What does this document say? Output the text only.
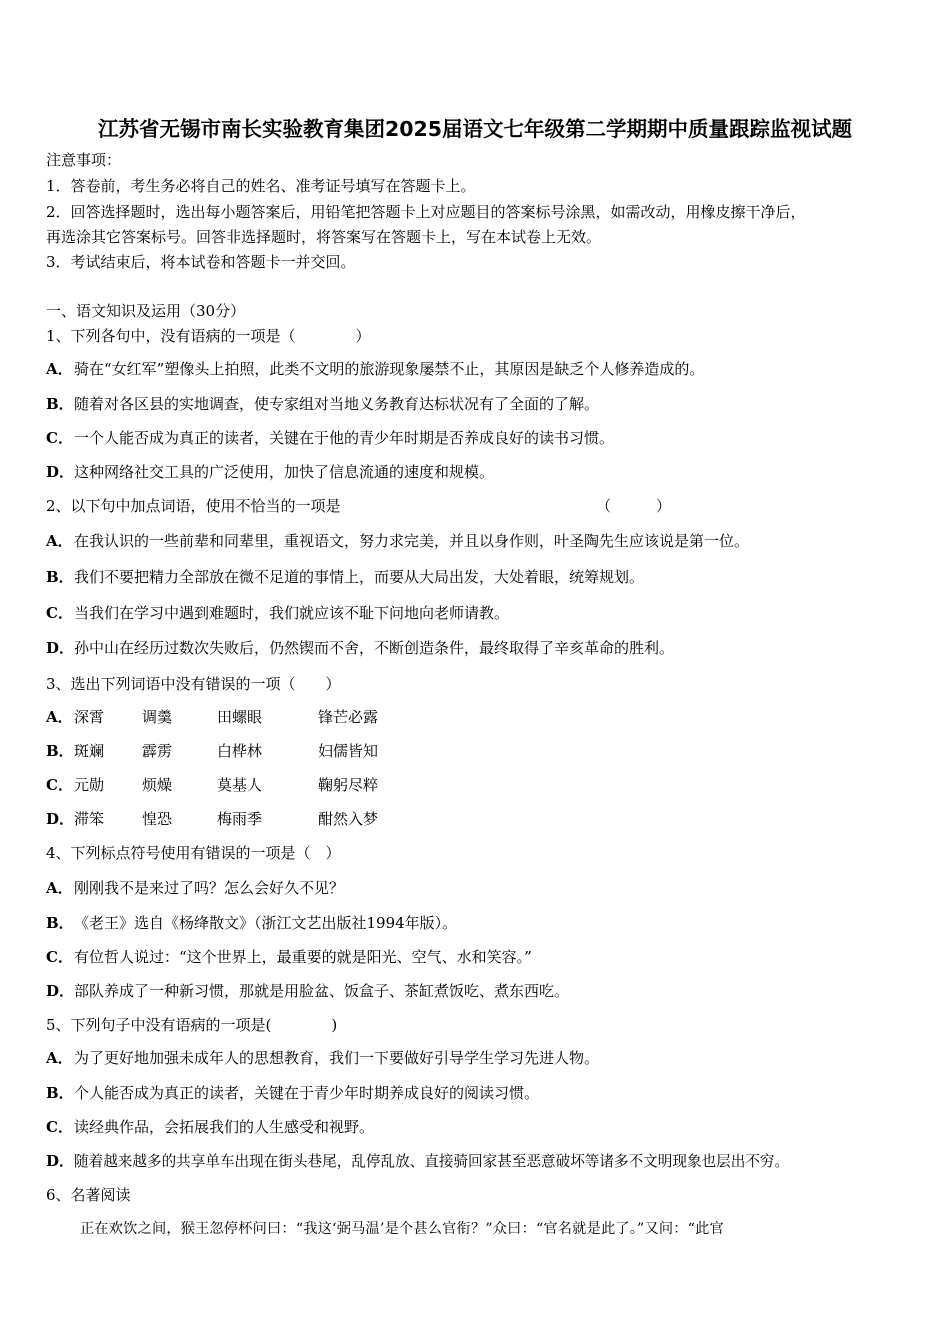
江苏省无锡市南长实验教育集团2025届语文七年级第二学期期中质量跟踪监视试题
注意事项：
1．答卷前，考生务必将自己的姓名、准考证号填写在答题卡上。
2．回答选择题时，选出每小题答案后，用铅笔把答题卡上对应题目的答案标号涂黑，如需改动，用橡皮擦干净后，
再选涂其它答案标号。回答非选择题时，将答案写在答题卡上，写在本试卷上无效。
3．考试结束后，将本试卷和答题卡一并交回。
一、语文知识及运用（30分）
1、下列各句中，没有语病的一项是（　　　　）
A．骑在“女红军”塑像头上拍照，此类不文明的旅游现象屡禁不止，其原因是缺乏个人修养造成的。
B．随着对各区县的实地调查，使专家组对当地义务教育达标状况有了全面的了解。
C．一个人能否成为真正的读者，关键在于他的青少年时期是否养成良好的读书习惯。
D．这种网络社交工具的广泛使用，加快了信息流通的速度和规模。
2、以下句中加点词语，使用不恰当的一项是	（　　　）
A．在我认识的一些前辈和同辈里，重视语文，努力求完美，并且以身作则，叶圣陶先生应该说是第一位。
B．我们不要把精力全部放在微不足道的事情上，而要从大局出发，大处着眼，统筹规划。
C．当我们在学习中遇到难题时，我们就应该不耻下问地向老师请教。
D．孙中山在经历过数次失败后，仍然锲而不舍，不断创造条件，最终取得了辛亥革命的胜利。
3、选出下列词语中没有错误的一项（　　）
A． 深霄	调羹	田螺眼	锋芒必露
B． 斑斓	霹雳	白桦林	妇儒皆知
C． 元勋	烦燥	莫基人	鞠躬尽粹
D． 滞笨	惶恐	梅雨季	酣然入梦
4、下列标点符号使用有错误的一项是（　）
A．刚刚我不是来过了吗？怎么会好久不见？
B．《老王》选自《杨绛散文》（浙江文艺出版社1994年版）。
C．有位哲人说过：“这个世界上，最重要的就是阳光、空气、水和笑容。”
D．部队养成了一种新习惯，那就是用脸盆、饭盒子、茶缸煮饭吃、煮东西吃。
5、下列句子中没有语病的一项是(　　　　)
A．为了更好地加强未成年人的思想教育，我们一下要做好引导学生学习先进人物。
B．个人能否成为真正的读者，关键在于青少年时期养成良好的阅读习惯。
C．读经典作品，会拓展我们的人生感受和视野。
D．随着越来越多的共享单车出现在街头巷尾，乱停乱放、直接骑回家甚至恶意破坏等诸多不文明现象也层出不穷。
6、名著阅读
正在欢饮之间，猴王忽停杯问曰：“我这‘弼马温’是个甚么官衔？”众曰：“官名就是此了。”又问：“此官
